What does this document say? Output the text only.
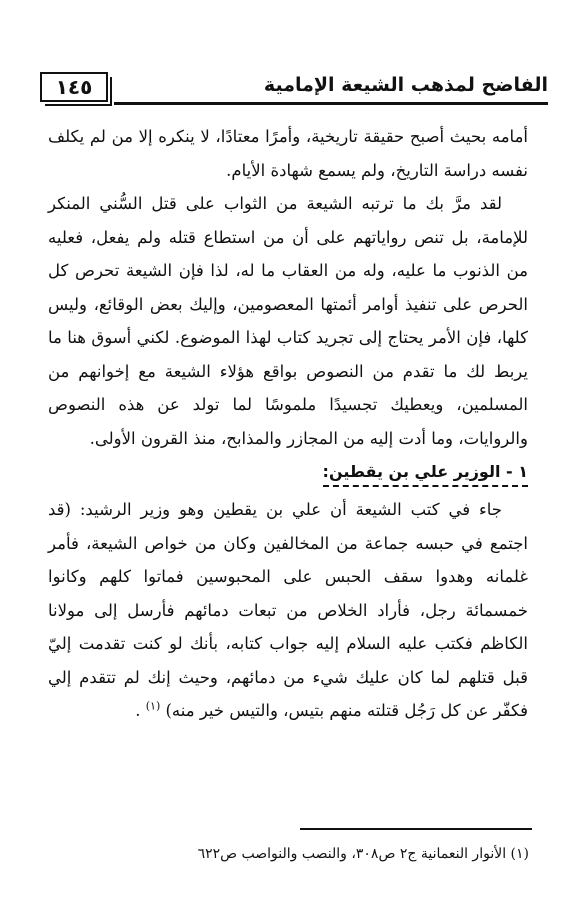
١٤٥	الفاضح لمذهب الشيعة الإمامية

أمامه بحيث أصبح حقيقة تاريخية، وأمرًا معتادًا، لا ينكره إلا من لم يكلف نفسه دراسة التاريخ، ولم يسمع شهادة الأيام.

لقد مرَّ بك ما ترتبه الشيعة من الثواب على قتل السُّني المنكر للإمامة، بل تنص رواياتهم على أن من استطاع قتله ولم يفعل، فعليه من الذنوب ما عليه، وله من العقاب ما له، لذا فإن الشيعة تحرص كل الحرص على تنفيذ أوامر أئمتها المعصومين، وإليك بعض الوقائع، وليس كلها، فإن الأمر يحتاج إلى تجريد كتاب لهذا الموضوع. لكني أسوق هنا ما يربط لك ما تقدم من النصوص بواقع هؤلاء الشيعة مع إخوانهم من المسلمين، ويعطيك تجسيدًا ملموسًا لما تولد عن هذه النصوص والروايات، وما أدت إليه من المجازر والمذابح، منذ القرون الأولى.

١ - الوزير علي بن يقطين:

جاء في كتب الشيعة أن علي بن يقطين وهو وزير الرشيد: (قد اجتمع في حبسه جماعة من المخالفين وكان من خواص الشيعة، فأمر غلمانه وهدوا سقف الحبس على المحبوسين فماتوا كلهم وكانوا خمسمائة رجل، فأراد الخلاص من تبعات دمائهم فأرسل إلى مولانا الكاظم فكتب عليه السلام إليه جواب كتابه، بأنك لو كنت تقدمت إليّ قبل قتلهم لما كان عليك شيء من دمائهم، وحيث إنك لم تتقدم إلي فكفّر عن كل رَجُل قتلته منهم بتيس، والتيس خير منه) $^{(١)}$ .

(١) الأنوار النعمانية ج٢ ص٣٠٨، والنصب والنواصب ص٦٢٢
